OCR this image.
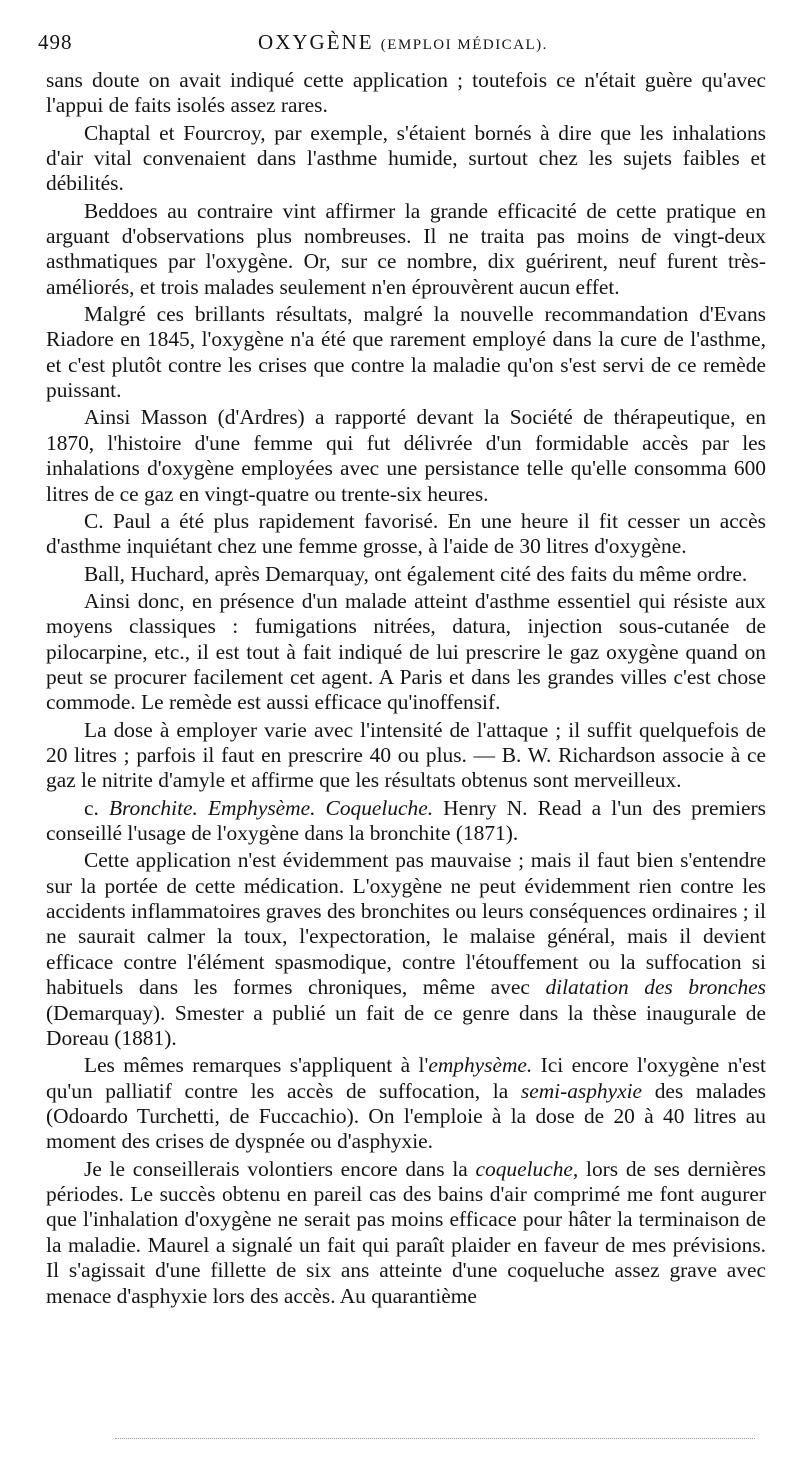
498	OXYGÈNE (EMPLOI MÉDICAL).

sans doute on avait indiqué cette application ; toutefois ce n'était guère qu'avec l'appui de faits isolés assez rares.

Chaptal et Fourcroy, par exemple, s'étaient bornés à dire que les inhalations d'air vital convenaient dans l'asthme humide, surtout chez les sujets faibles et débilités.

Beddoes au contraire vint affirmer la grande efficacité de cette pratique en arguant d'observations plus nombreuses. Il ne traita pas moins de vingt-deux asthmatiques par l'oxygène. Or, sur ce nombre, dix guérirent, neuf furent très-améliorés, et trois malades seulement n'en éprouvèrent aucun effet.

Malgré ces brillants résultats, malgré la nouvelle recommandation d'Evans Riadore en 1845, l'oxygène n'a été que rarement employé dans la cure de l'asthme, et c'est plutôt contre les crises que contre la maladie qu'on s'est servi de ce remède puissant.

Ainsi Masson (d'Ardres) a rapporté devant la Société de thérapeutique, en 1870, l'histoire d'une femme qui fut délivrée d'un formidable accès par les inhalations d'oxygène employées avec une persistance telle qu'elle consomma 600 litres de ce gaz en vingt-quatre ou trente-six heures.

C. Paul a été plus rapidement favorisé. En une heure il fit cesser un accès d'asthme inquiétant chez une femme grosse, à l'aide de 30 litres d'oxygène.

Ball, Huchard, après Demarquay, ont également cité des faits du même ordre.

Ainsi donc, en présence d'un malade atteint d'asthme essentiel qui résiste aux moyens classiques : fumigations nitrées, datura, injection sous-cutanée de pilocarpine, etc., il est tout à fait indiqué de lui prescrire le gaz oxygène quand on peut se procurer facilement cet agent. A Paris et dans les grandes villes c'est chose commode. Le remède est aussi efficace qu'inoffensif.

La dose à employer varie avec l'intensité de l'attaque ; il suffit quelquefois de 20 litres ; parfois il faut en prescrire 40 ou plus. — B. W. Richardson associe à ce gaz le nitrite d'amyle et affirme que les résultats obtenus sont merveilleux.

c. Bronchite. Emphysème. Coqueluche. Henry N. Read a l'un des premiers conseillé l'usage de l'oxygène dans la bronchite (1871).

Cette application n'est évidemment pas mauvaise ; mais il faut bien s'entendre sur la portée de cette médication. L'oxygène ne peut évidemment rien contre les accidents inflammatoires graves des bronchites ou leurs conséquences ordinaires ; il ne saurait calmer la toux, l'expectoration, le malaise général, mais il devient efficace contre l'élément spasmodique, contre l'étouffement ou la suffocation si habituels dans les formes chroniques, même avec dilatation des bronches (Demarquay). Smester a publié un fait de ce genre dans la thèse inaugurale de Doreau (1881).

Les mêmes remarques s'appliquent à l'emphysème. Ici encore l'oxygène n'est qu'un palliatif contre les accès de suffocation, la semi-asphyxie des malades (Odoardo Turchetti, de Fuccachio). On l'emploie à la dose de 20 à 40 litres au moment des crises de dyspnée ou d'asphyxie.

Je le conseillerais volontiers encore dans la coqueluche, lors de ses dernières périodes. Le succès obtenu en pareil cas des bains d'air comprimé me font augurer que l'inhalation d'oxygène ne serait pas moins efficace pour hâter la terminaison de la maladie. Maurel a signalé un fait qui paraît plaider en faveur de mes prévisions. Il s'agissait d'une fillette de six ans atteinte d'une coqueluche assez grave avec menace d'asphyxie lors des accès. Au quarantième
